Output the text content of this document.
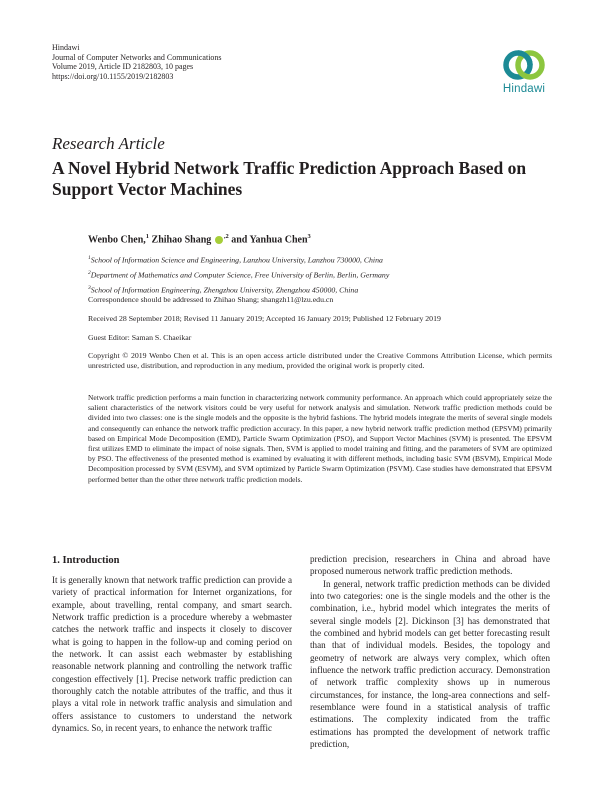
Hindawi
Journal of Computer Networks and Communications
Volume 2019, Article ID 2182803, 10 pages
https://doi.org/10.1155/2019/2182803
Hindawi
Research Article
A Novel Hybrid Network Traffic Prediction Approach Based on Support Vector Machines
Wenbo Chen,$^1$ Zhihao Shang $^{,2}$ and Yanhua Chen$^3$
$^1$School of Information Science and Engineering, Lanzhou University, Lanzhou 730000, China
$^2$Department of Mathematics and Computer Science, Free University of Berlin, Berlin, Germany
$^3$School of Information Engineering, Zhengzhou University, Zhengzhou 450000, China
Correspondence should be addressed to Zhihao Shang; shangzh11@lzu.edu.cn
Received 28 September 2018; Revised 11 January 2019; Accepted 16 January 2019; Published 12 February 2019
Guest Editor: Saman S. Chaeikar
Copyright © 2019 Wenbo Chen et al. This is an open access article distributed under the Creative Commons Attribution License, which permits unrestricted use, distribution, and reproduction in any medium, provided the original work is properly cited.
Network traffic prediction performs a main function in characterizing network community performance. An approach which could appropriately seize the salient characteristics of the network visitors could be very useful for network analysis and simulation. Network traffic prediction methods could be divided into two classes: one is the single models and the opposite is the hybrid fashions. The hybrid models integrate the merits of several single models and consequently can enhance the network traffic prediction accuracy. In this paper, a new hybrid network traffic prediction method (EPSVM) primarily based on Empirical Mode Decomposition (EMD), Particle Swarm Optimization (PSO), and Support Vector Machines (SVM) is presented. The EPSVM first utilizes EMD to eliminate the impact of noise signals. Then, SVM is applied to model training and fitting, and the parameters of SVM are optimized by PSO. The effectiveness of the presented method is examined by evaluating it with different methods, including basic SVM (BSVM), Empirical Mode Decomposition processed by SVM (ESVM), and SVM optimized by Particle Swarm Optimization (PSVM). Case studies have demonstrated that EPSVM performed better than the other three network traffic prediction models.
1. Introduction

It is generally known that network traffic prediction can provide a variety of practical information for Internet organizations, for example, about travelling, rental company, and smart search. Network traffic prediction is a procedure whereby a webmaster catches the network traffic and inspects it closely to discover what is going to happen in the follow-up and coming period on the network. It can assist each webmaster by establishing reasonable network planning and controlling the network traffic congestion effectively [1]. Precise network traffic prediction can thoroughly catch the notable attributes of the traffic, and thus it plays a vital role in network traffic analysis and simulation and offers assistance to customers to understand the network dynamics. So, in recent years, to enhance the network traffic

prediction precision, researchers in China and abroad have proposed numerous network traffic prediction methods.

In general, network traffic prediction methods can be divided into two categories: one is the single models and the other is the combination, i.e., hybrid model which integrates the merits of several single models [2]. Dickinson [3] has demonstrated that the combined and hybrid models can get better forecasting result than that of individual models. Besides, the topology and geometry of network are always very complex, which often influence the network traffic prediction accuracy. Demonstration of network traffic complexity shows up in numerous circumstances, for instance, the long-area connections and self-resemblance were found in a statistical analysis of traffic estimations. The complexity indicated from the traffic estimations has prompted the development of network traffic prediction,
